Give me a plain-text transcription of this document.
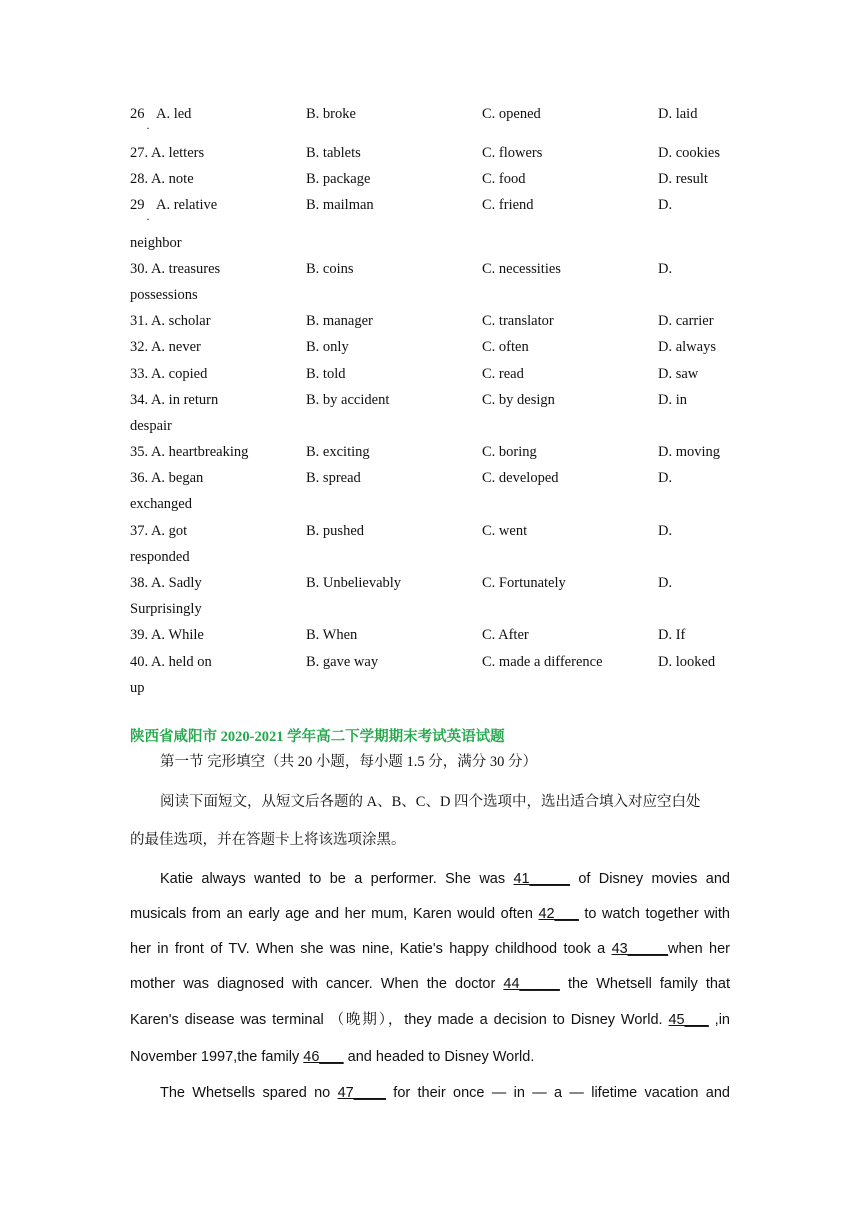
26 A. led	B. broke	C. opened	D. laid
·
27. A. letters	B. tablets	C. flowers	D. cookies
28. A. note	B. package	C. food	D. result
29 A. relative	B. mailman	C. friend	D.
·
neighbor
30. A. treasures	B. coins	C. necessities	D.
possessions
31. A. scholar	B. manager	C. translator	D. carrier
32. A. never	B. only	C. often	D. always
33. A. copied	B. told	C. read	D. saw
34. A. in return	B. by accident	C. by design	D. in
despair
35. A. heartbreaking	B. exciting	C. boring	D. moving
36. A. began	B. spread	C. developed	D.
exchanged
37. A. got	B. pushed	C. went	D.
responded
38. A. Sadly	B. Unbelievably	C. Fortunately	D.
Surprisingly
39. A. While	B. When	C. After	D. If
40. A. held on	B. gave way	C. made a difference	D. looked
up
陕西省咸阳市 2020-2021 学年高二下学期期末考试英语试题
第一节 完形填空（共 20 小题，每小题 1.5 分，满分 30 分）
阅读下面短文，从短文后各题的 A、B、C、D 四个选项中，选出适合填入对应空白处
的最佳选项，并在答题卡上将该选项涂黑。
Katie always wanted to be a performer. She was 41_____ of Disney movies and
musicals from an early age and her mum, Karen would often 42___ to watch together with
her in front of TV. When she was nine, Katie's happy childhood took a 43_____when her
mother was diagnosed with cancer. When the doctor 44_____ the Whetsell family that
Karen's disease was terminal （晚期），they made a decision to Disney World. 45___ ,in
November 1997,the family 46___ and headed to Disney World.
The Whetsells spared no 47____ for their once — in — a — lifetime vacation and
